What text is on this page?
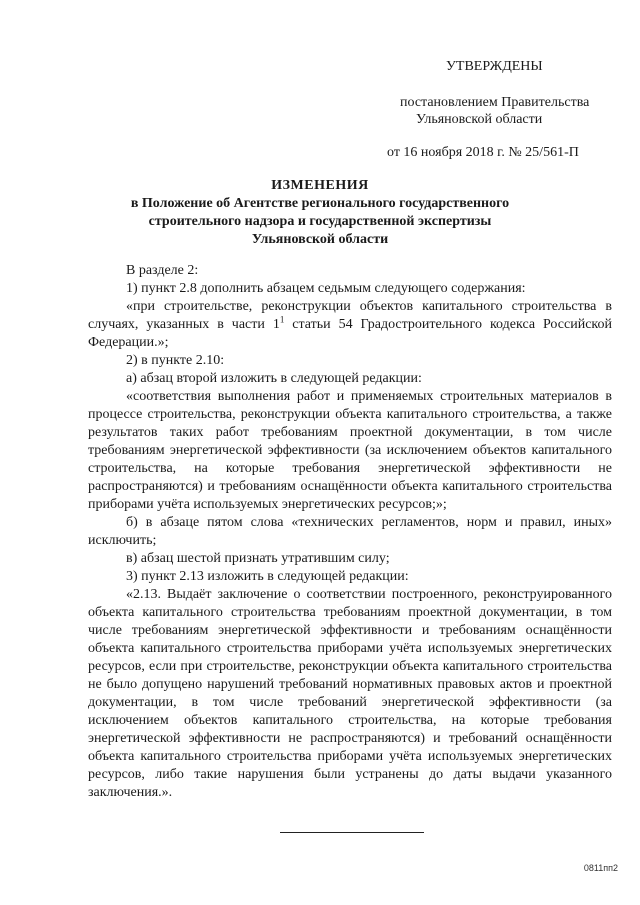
УТВЕРЖДЕНЫ
постановлением Правительства
Ульяновской области
от 16 ноября 2018 г. № 25/561-П
ИЗМЕНЕНИЯ
в Положение об Агентстве регионального государственного
строительного надзора и государственной экспертизы
Ульяновской области

В разделе 2:

1) пункт 2.8 дополнить абзацем седьмым следующего содержания:

«при строительстве, реконструкции объектов капитального строительства в случаях, указанных в части $1^1$ статьи 54 Градостроительного кодекса Российской Федерации.»;

2) в пункте 2.10:

а) абзац второй изложить в следующей редакции:

«соответствия выполнения работ и применяемых строительных материалов в процессе строительства, реконструкции объекта капитального строительства, а также результатов таких работ требованиям проектной документации, в том числе требованиям энергетической эффективности (за исключением объектов капитального строительства, на которые требования энергетической эффективности не распространяются) и требованиям оснащённости объекта капитального строительства приборами учёта используемых энергетических ресурсов;»;

б) в абзаце пятом слова «технических регламентов, норм и правил, иных» исключить;

в) абзац шестой признать утратившим силу;

3) пункт 2.13 изложить в следующей редакции:

«2.13. Выдаёт заключение о соответствии построенного, реконструированного объекта капитального строительства требованиям проектной документации, в том числе требованиям энергетической эффективности и требованиям оснащённости объекта капитального строительства приборами учёта используемых энергетических ресурсов, если при строительстве, реконструкции объекта капитального строительства не было допущено нарушений требований нормативных правовых актов и проектной документации, в том числе требований энергетической эффективности (за исключением объектов капитального строительства, на которые требования энергетической эффективности не распространяются) и требований оснащённости объекта капитального строительства приборами учёта используемых энергетических ресурсов, либо такие нарушения были устранены до даты выдачи указанного заключения.».

0811пп2
